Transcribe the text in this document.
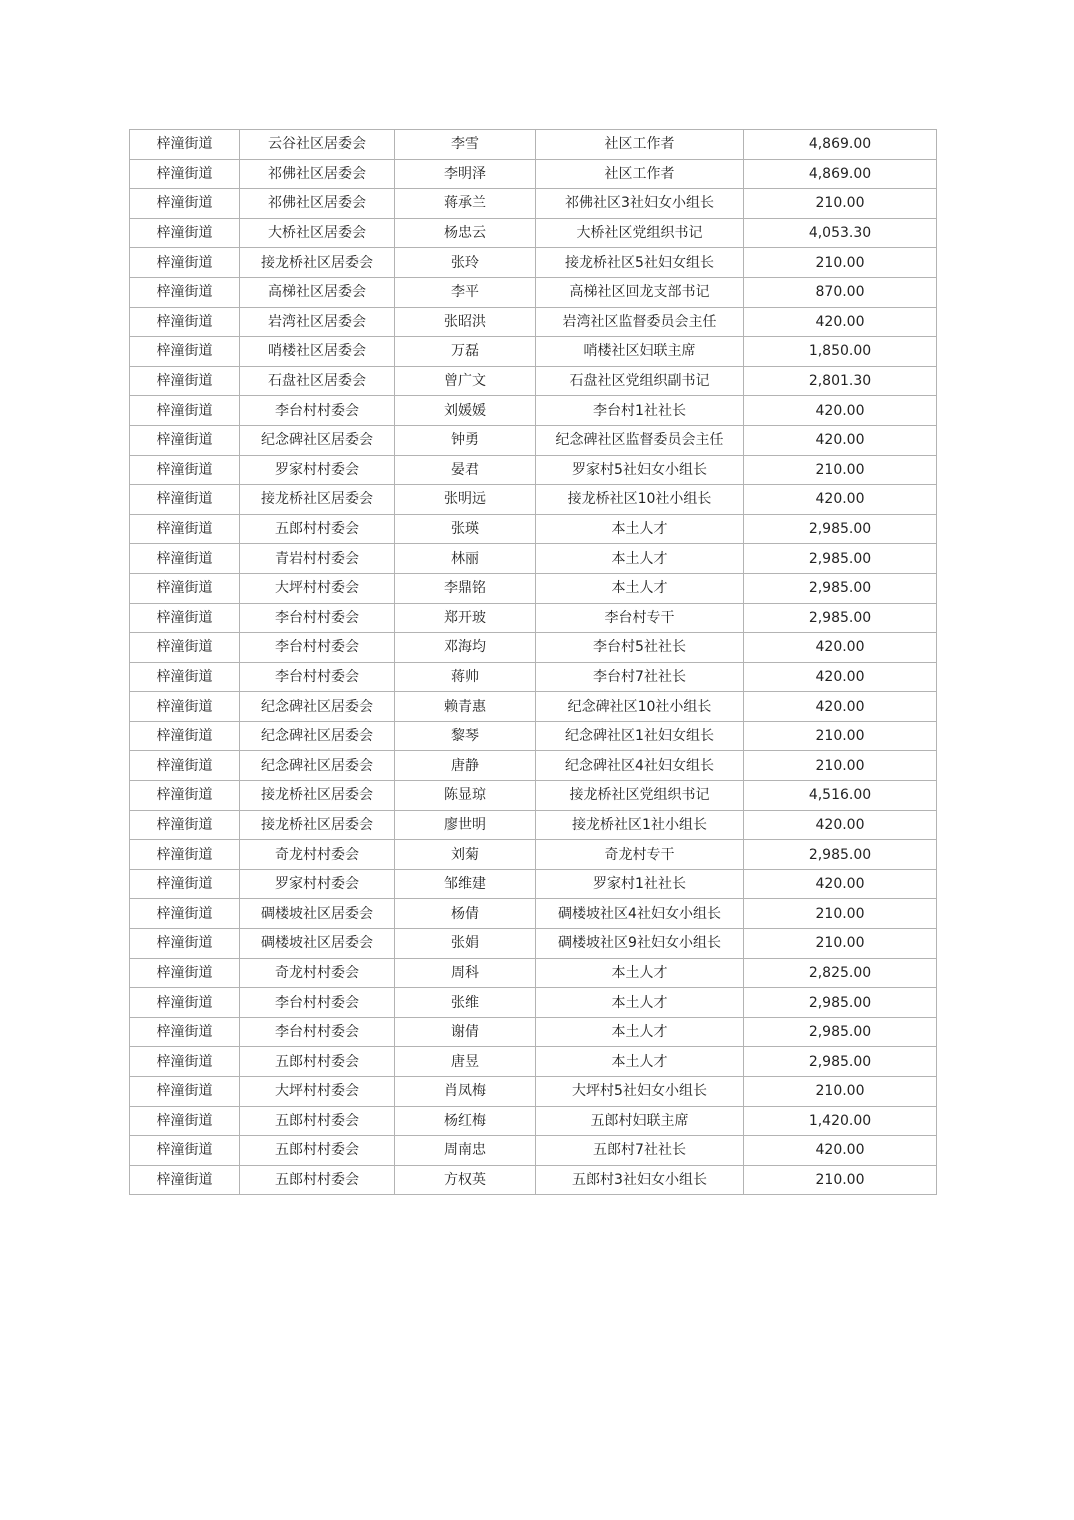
梓潼街道	云谷社区居委会	李雪	社区工作者	4,869.00
梓潼街道	祁佛社区居委会	李明泽	社区工作者	4,869.00
梓潼街道	祁佛社区居委会	蒋承兰	祁佛社区3社妇女小组长	210.00
梓潼街道	大桥社区居委会	杨忠云	大桥社区党组织书记	4,053.30
梓潼街道	接龙桥社区居委会	张玲	接龙桥社区5社妇女组长	210.00
梓潼街道	高梯社区居委会	李平	高梯社区回龙支部书记	870.00
梓潼街道	岩湾社区居委会	张昭洪	岩湾社区监督委员会主任	420.00
梓潼街道	哨楼社区居委会	万磊	哨楼社区妇联主席	1,850.00
梓潼街道	石盘社区居委会	曾广文	石盘社区党组织副书记	2,801.30
梓潼街道	李台村村委会	刘媛媛	李台村1社社长	420.00
梓潼街道	纪念碑社区居委会	钟勇	纪念碑社区监督委员会主任	420.00
梓潼街道	罗家村村委会	晏君	罗家村5社妇女小组长	210.00
梓潼街道	接龙桥社区居委会	张明远	接龙桥社区10社小组长	420.00
梓潼街道	五郎村村委会	张瑛	本土人才	2,985.00
梓潼街道	青岩村村委会	林丽	本土人才	2,985.00
梓潼街道	大坪村村委会	李鼎铭	本土人才	2,985.00
梓潼街道	李台村村委会	郑开玻	李台村专干	2,985.00
梓潼街道	李台村村委会	邓海均	李台村5社社长	420.00
梓潼街道	李台村村委会	蒋帅	李台村7社社长	420.00
梓潼街道	纪念碑社区居委会	赖青惠	纪念碑社区10社小组长	420.00
梓潼街道	纪念碑社区居委会	黎琴	纪念碑社区1社妇女组长	210.00
梓潼街道	纪念碑社区居委会	唐静	纪念碑社区4社妇女组长	210.00
梓潼街道	接龙桥社区居委会	陈显琼	接龙桥社区党组织书记	4,516.00
梓潼街道	接龙桥社区居委会	廖世明	接龙桥社区1社小组长	420.00
梓潼街道	奇龙村村委会	刘菊	奇龙村专干	2,985.00
梓潼街道	罗家村村委会	邹维建	罗家村1社社长	420.00
梓潼街道	碉楼坡社区居委会	杨倩	碉楼坡社区4社妇女小组长	210.00
梓潼街道	碉楼坡社区居委会	张娟	碉楼坡社区9社妇女小组长	210.00
梓潼街道	奇龙村村委会	周科	本土人才	2,825.00
梓潼街道	李台村村委会	张维	本土人才	2,985.00
梓潼街道	李台村村委会	谢倩	本土人才	2,985.00
梓潼街道	五郎村村委会	唐昱	本土人才	2,985.00
梓潼街道	大坪村村委会	肖凤梅	大坪村5社妇女小组长	210.00
梓潼街道	五郎村村委会	杨红梅	五郎村妇联主席	1,420.00
梓潼街道	五郎村村委会	周南忠	五郎村7社社长	420.00
梓潼街道	五郎村村委会	方权英	五郎村3社妇女小组长	210.00
